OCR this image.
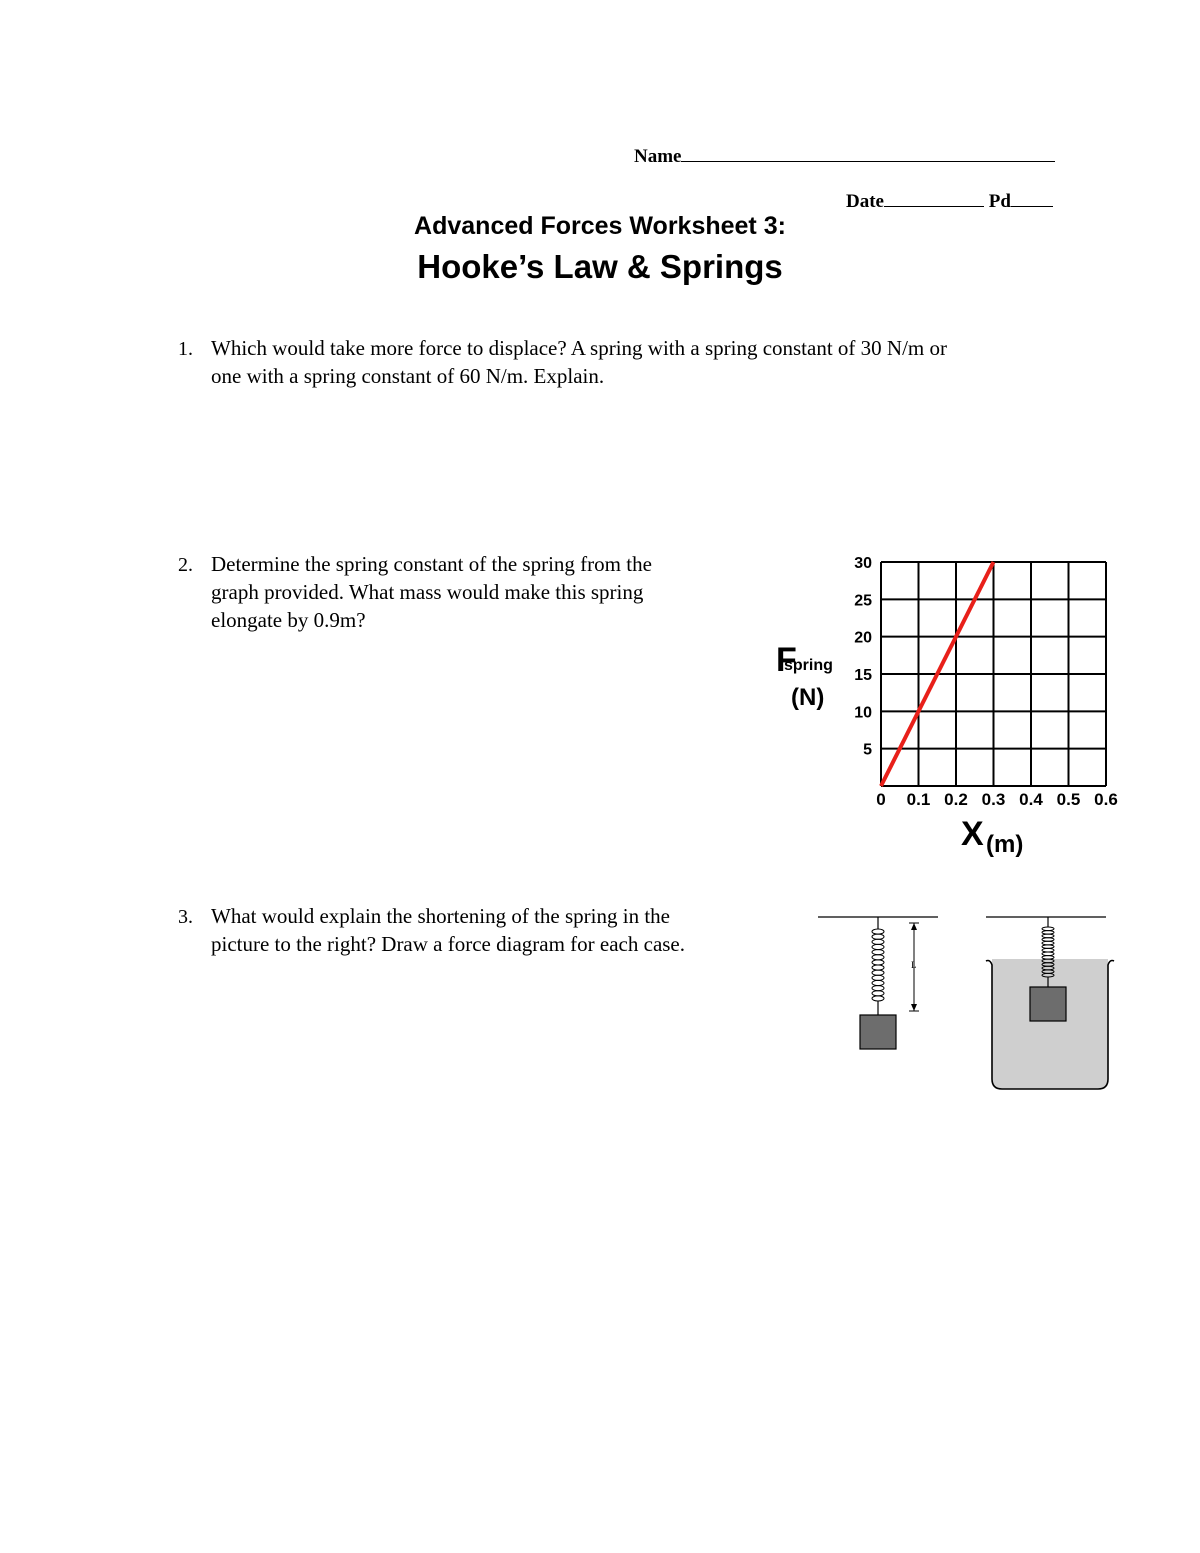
Name
Date	Pd
Advanced Forces Worksheet 3:
Hooke’s Law & Springs
1. Which would take more force to displace? A spring with a spring constant of 30 N/m or
one with a spring constant of 60 N/m. Explain.
2. Determine the spring constant of the spring from the
graph provided. What mass would make this spring
elongate by 0.9m?
0 0.1 0.2 0.3 0.4 0.5 0.6
5
10
15
20
25
30
F
spring
(N)
X (m)
3. What would explain the shortening of the spring in the
picture to the right? Draw a force diagram for each case.
L
